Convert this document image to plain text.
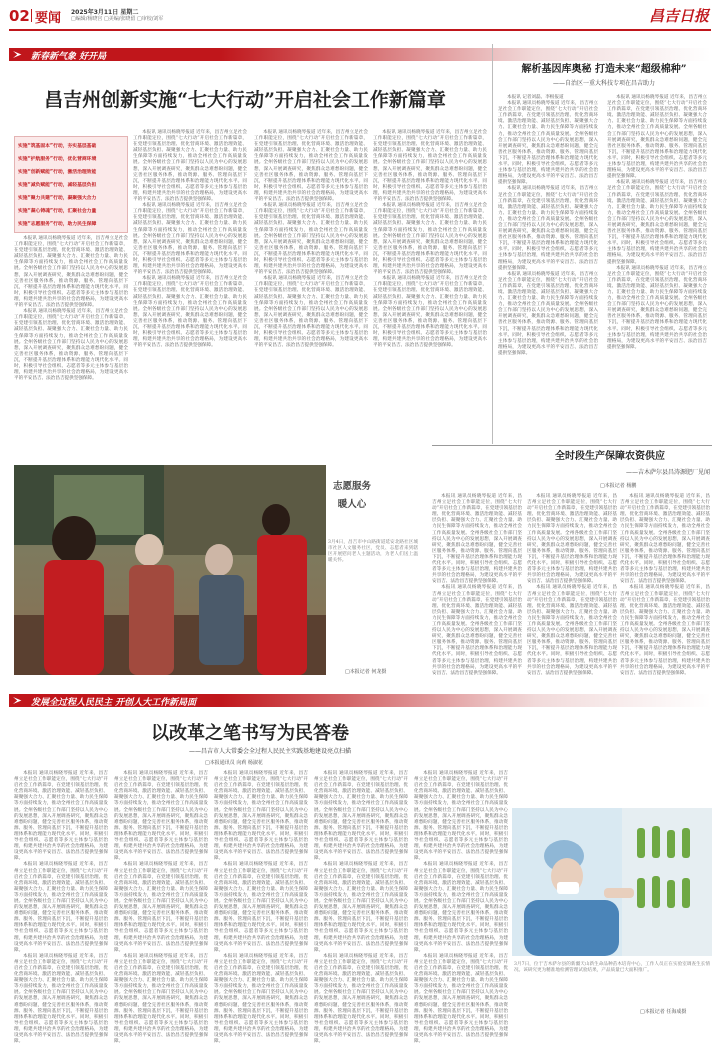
02 要闻 2025年3月11日 星期二
□编辑/杨晓宫 □美编/张晓留 □审校/刘军	昌吉日报
新春新气象 好开局
昌吉州创新实施“七大行动”开启社会工作新篇章
实施“筑基固本”行动，夯实基层基础
实施“护航服务”行动，优化营商环境
实施“创新赋能”行动，激活治理效能
实施“减负赋能”行动，减轻基层负担
实施“聚力共建”行动，凝聚强大合力
实施“凝心铸魂”行动，汇聚社会力量
实施“志愿服务”行动，助力民生保障

本报讯 通讯员杨晓琴报道 近年来，昌吉州立足社会工作职能定位，围绕“七大行动”开启社会工作新篇章，在党建引领基层治理、优化营商环境、激活治理效能、减轻基层负担、凝聚强大合力、汇聚社会力量、助力民生保障等方面持续发力，推动全州社会工作高质量发展。全州各级社会工作部门坚持以人民为中心的发展思想，深入开展调查研究，聚焦群众急难愁盼问题，健全完善社区服务体系，推动资源、服务、管理向基层下沉，不断提升基层治理体系和治理能力现代化水平。同时，积极引导社会组织、志愿者等多元主体参与基层治理，构建共建共治共享的社会治理格局，为建设更高水平的平安昌吉、法治昌吉提供坚强保障。

本报讯 通讯员杨晓琴报道 近年来，昌吉州立足社会工作职能定位，围绕“七大行动”开启社会工作新篇章，在党建引领基层治理、优化营商环境、激活治理效能、减轻基层负担、凝聚强大合力、汇聚社会力量、助力民生保障等方面持续发力，推动全州社会工作高质量发展。全州各级社会工作部门坚持以人民为中心的发展思想，深入开展调查研究，聚焦群众急难愁盼问题，健全完善社区服务体系，推动资源、服务、管理向基层下沉，不断提升基层治理体系和治理能力现代化水平。同时，积极引导社会组织、志愿者等多元主体参与基层治理，构建共建共治共享的社会治理格局，为建设更高水平的平安昌吉、法治昌吉提供坚强保障。

本报讯 通讯员杨晓琴报道 近年来，昌吉州立足社会工作职能定位，围绕“七大行动”开启社会工作新篇章，在党建引领基层治理、优化营商环境、激活治理效能、减轻基层负担、凝聚强大合力、汇聚社会力量、助力民生保障等方面持续发力，推动全州社会工作高质量发展。全州各级社会工作部门坚持以人民为中心的发展思想，深入开展调查研究，聚焦群众急难愁盼问题，健全完善社区服务体系，推动资源、服务、管理向基层下沉，不断提升基层治理体系和治理能力现代化水平。同时，积极引导社会组织、志愿者等多元主体参与基层治理，构建共建共治共享的社会治理格局，为建设更高水平的平安昌吉、法治昌吉提供坚强保障。

本报讯 通讯员杨晓琴报道 近年来，昌吉州立足社会工作职能定位，围绕“七大行动”开启社会工作新篇章，在党建引领基层治理、优化营商环境、激活治理效能、减轻基层负担、凝聚强大合力、汇聚社会力量、助力民生保障等方面持续发力，推动全州社会工作高质量发展。全州各级社会工作部门坚持以人民为中心的发展思想，深入开展调查研究，聚焦群众急难愁盼问题，健全完善社区服务体系，推动资源、服务、管理向基层下沉，不断提升基层治理体系和治理能力现代化水平。同时，积极引导社会组织、志愿者等多元主体参与基层治理，构建共建共治共享的社会治理格局，为建设更高水平的平安昌吉、法治昌吉提供坚强保障。

本报讯 通讯员杨晓琴报道 近年来，昌吉州立足社会工作职能定位，围绕“七大行动”开启社会工作新篇章，在党建引领基层治理、优化营商环境、激活治理效能、减轻基层负担、凝聚强大合力、汇聚社会力量、助力民生保障等方面持续发力，推动全州社会工作高质量发展。全州各级社会工作部门坚持以人民为中心的发展思想，深入开展调查研究，聚焦群众急难愁盼问题，健全完善社区服务体系，推动资源、服务、管理向基层下沉，不断提升基层治理体系和治理能力现代化水平。同时，积极引导社会组织、志愿者等多元主体参与基层治理，构建共建共治共享的社会治理格局，为建设更高水平的平安昌吉、法治昌吉提供坚强保障。

本报讯 通讯员杨晓琴报道 近年来，昌吉州立足社会工作职能定位，围绕“七大行动”开启社会工作新篇章，在党建引领基层治理、优化营商环境、激活治理效能、减轻基层负担、凝聚强大合力、汇聚社会力量、助力民生保障等方面持续发力，推动全州社会工作高质量发展。全州各级社会工作部门坚持以人民为中心的发展思想，深入开展调查研究，聚焦群众急难愁盼问题，健全完善社区服务体系，推动资源、服务、管理向基层下沉，不断提升基层治理体系和治理能力现代化水平。同时，积极引导社会组织、志愿者等多元主体参与基层治理，构建共建共治共享的社会治理格局，为建设更高水平的平安昌吉、法治昌吉提供坚强保障。

本报讯 通讯员杨晓琴报道 近年来，昌吉州立足社会工作职能定位，围绕“七大行动”开启社会工作新篇章，在党建引领基层治理、优化营商环境、激活治理效能、减轻基层负担、凝聚强大合力、汇聚社会力量、助力民生保障等方面持续发力，推动全州社会工作高质量发展。全州各级社会工作部门坚持以人民为中心的发展思想，深入开展调查研究，聚焦群众急难愁盼问题，健全完善社区服务体系，推动资源、服务、管理向基层下沉，不断提升基层治理体系和治理能力现代化水平。同时，积极引导社会组织、志愿者等多元主体参与基层治理，构建共建共治共享的社会治理格局，为建设更高水平的平安昌吉、法治昌吉提供坚强保障。

本报讯 通讯员杨晓琴报道 近年来，昌吉州立足社会工作职能定位，围绕“七大行动”开启社会工作新篇章，在党建引领基层治理、优化营商环境、激活治理效能、减轻基层负担、凝聚强大合力、汇聚社会力量、助力民生保障等方面持续发力，推动全州社会工作高质量发展。全州各级社会工作部门坚持以人民为中心的发展思想，深入开展调查研究，聚焦群众急难愁盼问题，健全完善社区服务体系，推动资源、服务、管理向基层下沉，不断提升基层治理体系和治理能力现代化水平。同时，积极引导社会组织、志愿者等多元主体参与基层治理，构建共建共治共享的社会治理格局，为建设更高水平的平安昌吉、法治昌吉提供坚强保障。

本报讯 通讯员杨晓琴报道 近年来，昌吉州立足社会工作职能定位，围绕“七大行动”开启社会工作新篇章，在党建引领基层治理、优化营商环境、激活治理效能、减轻基层负担、凝聚强大合力、汇聚社会力量、助力民生保障等方面持续发力，推动全州社会工作高质量发展。全州各级社会工作部门坚持以人民为中心的发展思想，深入开展调查研究，聚焦群众急难愁盼问题，健全完善社区服务体系，推动资源、服务、管理向基层下沉，不断提升基层治理体系和治理能力现代化水平。同时，积极引导社会组织、志愿者等多元主体参与基层治理，构建共建共治共享的社会治理格局，为建设更高水平的平安昌吉、法治昌吉提供坚强保障。

本报讯 通讯员杨晓琴报道 近年来，昌吉州立足社会工作职能定位，围绕“七大行动”开启社会工作新篇章，在党建引领基层治理、优化营商环境、激活治理效能、减轻基层负担、凝聚强大合力、汇聚社会力量、助力民生保障等方面持续发力，推动全州社会工作高质量发展。全州各级社会工作部门坚持以人民为中心的发展思想，深入开展调查研究，聚焦群众急难愁盼问题，健全完善社区服务体系，推动资源、服务、管理向基层下沉，不断提升基层治理体系和治理能力现代化水平。同时，积极引导社会组织、志愿者等多元主体参与基层治理，构建共建共治共享的社会治理格局，为建设更高水平的平安昌吉、法治昌吉提供坚强保障。

本报讯 通讯员杨晓琴报道 近年来，昌吉州立足社会工作职能定位，围绕“七大行动”开启社会工作新篇章，在党建引领基层治理、优化营商环境、激活治理效能、减轻基层负担、凝聚强大合力、汇聚社会力量、助力民生保障等方面持续发力，推动全州社会工作高质量发展。全州各级社会工作部门坚持以人民为中心的发展思想，深入开展调查研究，聚焦群众急难愁盼问题，健全完善社区服务体系，推动资源、服务、管理向基层下沉，不断提升基层治理体系和治理能力现代化水平。同时，积极引导社会组织、志愿者等多元主体参与基层治理，构建共建共治共享的社会治理格局，为建设更高水平的平安昌吉、法治昌吉提供坚强保障。

志愿服务 暖人心
3月4日，昌吉市中山路街道延安北路社区城市社区人文服务社区，党员、志愿者来到辖区开展慰问老人主题活动，为老人们送上温暖关怀。
□本报记者 何龙摄
解析基因库奥秘 打造未来“超级棉种”
——自治区一重大科技专项在昌吉助力

本报讯 记者刘磊、李根报道

本报讯 通讯员杨晓琴报道 近年来，昌吉州立足社会工作职能定位，围绕“七大行动”开启社会工作新篇章，在党建引领基层治理、优化营商环境、激活治理效能、减轻基层负担、凝聚强大合力、汇聚社会力量、助力民生保障等方面持续发力，推动全州社会工作高质量发展。全州各级社会工作部门坚持以人民为中心的发展思想，深入开展调查研究，聚焦群众急难愁盼问题，健全完善社区服务体系，推动资源、服务、管理向基层下沉，不断提升基层治理体系和治理能力现代化水平。同时，积极引导社会组织、志愿者等多元主体参与基层治理，构建共建共治共享的社会治理格局，为建设更高水平的平安昌吉、法治昌吉提供坚强保障。

本报讯 通讯员杨晓琴报道 近年来，昌吉州立足社会工作职能定位，围绕“七大行动”开启社会工作新篇章，在党建引领基层治理、优化营商环境、激活治理效能、减轻基层负担、凝聚强大合力、汇聚社会力量、助力民生保障等方面持续发力，推动全州社会工作高质量发展。全州各级社会工作部门坚持以人民为中心的发展思想，深入开展调查研究，聚焦群众急难愁盼问题，健全完善社区服务体系，推动资源、服务、管理向基层下沉，不断提升基层治理体系和治理能力现代化水平。同时，积极引导社会组织、志愿者等多元主体参与基层治理，构建共建共治共享的社会治理格局，为建设更高水平的平安昌吉、法治昌吉提供坚强保障。

本报讯 通讯员杨晓琴报道 近年来，昌吉州立足社会工作职能定位，围绕“七大行动”开启社会工作新篇章，在党建引领基层治理、优化营商环境、激活治理效能、减轻基层负担、凝聚强大合力、汇聚社会力量、助力民生保障等方面持续发力，推动全州社会工作高质量发展。全州各级社会工作部门坚持以人民为中心的发展思想，深入开展调查研究，聚焦群众急难愁盼问题，健全完善社区服务体系，推动资源、服务、管理向基层下沉，不断提升基层治理体系和治理能力现代化水平。同时，积极引导社会组织、志愿者等多元主体参与基层治理，构建共建共治共享的社会治理格局，为建设更高水平的平安昌吉、法治昌吉提供坚强保障。

本报讯 通讯员杨晓琴报道 近年来，昌吉州立足社会工作职能定位，围绕“七大行动”开启社会工作新篇章，在党建引领基层治理、优化营商环境、激活治理效能、减轻基层负担、凝聚强大合力、汇聚社会力量、助力民生保障等方面持续发力，推动全州社会工作高质量发展。全州各级社会工作部门坚持以人民为中心的发展思想，深入开展调查研究，聚焦群众急难愁盼问题，健全完善社区服务体系，推动资源、服务、管理向基层下沉，不断提升基层治理体系和治理能力现代化水平。同时，积极引导社会组织、志愿者等多元主体参与基层治理，构建共建共治共享的社会治理格局，为建设更高水平的平安昌吉、法治昌吉提供坚强保障。

本报讯 通讯员杨晓琴报道 近年来，昌吉州立足社会工作职能定位，围绕“七大行动”开启社会工作新篇章，在党建引领基层治理、优化营商环境、激活治理效能、减轻基层负担、凝聚强大合力、汇聚社会力量、助力民生保障等方面持续发力，推动全州社会工作高质量发展。全州各级社会工作部门坚持以人民为中心的发展思想，深入开展调查研究，聚焦群众急难愁盼问题，健全完善社区服务体系，推动资源、服务、管理向基层下沉，不断提升基层治理体系和治理能力现代化水平。同时，积极引导社会组织、志愿者等多元主体参与基层治理，构建共建共治共享的社会治理格局，为建设更高水平的平安昌吉、法治昌吉提供坚强保障。

本报讯 通讯员杨晓琴报道 近年来，昌吉州立足社会工作职能定位，围绕“七大行动”开启社会工作新篇章，在党建引领基层治理、优化营商环境、激活治理效能、减轻基层负担、凝聚强大合力、汇聚社会力量、助力民生保障等方面持续发力，推动全州社会工作高质量发展。全州各级社会工作部门坚持以人民为中心的发展思想，深入开展调查研究，聚焦群众急难愁盼问题，健全完善社区服务体系，推动资源、服务、管理向基层下沉，不断提升基层治理体系和治理能力现代化水平。同时，积极引导社会组织、志愿者等多元主体参与基层治理，构建共建共治共享的社会治理格局，为建设更高水平的平安昌吉、法治昌吉提供坚强保障。

全时段生产保障农资供应
——吉木萨尔县昌涛源肥厂见闻
□本报记者 杨鹏

本报讯 通讯员杨晓琴报道 近年来，昌吉州立足社会工作职能定位，围绕“七大行动”开启社会工作新篇章，在党建引领基层治理、优化营商环境、激活治理效能、减轻基层负担、凝聚强大合力、汇聚社会力量、助力民生保障等方面持续发力，推动全州社会工作高质量发展。全州各级社会工作部门坚持以人民为中心的发展思想，深入开展调查研究，聚焦群众急难愁盼问题，健全完善社区服务体系，推动资源、服务、管理向基层下沉，不断提升基层治理体系和治理能力现代化水平。同时，积极引导社会组织、志愿者等多元主体参与基层治理，构建共建共治共享的社会治理格局，为建设更高水平的平安昌吉、法治昌吉提供坚强保障。

本报讯 通讯员杨晓琴报道 近年来，昌吉州立足社会工作职能定位，围绕“七大行动”开启社会工作新篇章，在党建引领基层治理、优化营商环境、激活治理效能、减轻基层负担、凝聚强大合力、汇聚社会力量、助力民生保障等方面持续发力，推动全州社会工作高质量发展。全州各级社会工作部门坚持以人民为中心的发展思想，深入开展调查研究，聚焦群众急难愁盼问题，健全完善社区服务体系，推动资源、服务、管理向基层下沉，不断提升基层治理体系和治理能力现代化水平。同时，积极引导社会组织、志愿者等多元主体参与基层治理，构建共建共治共享的社会治理格局，为建设更高水平的平安昌吉、法治昌吉提供坚强保障。

本报讯 通讯员杨晓琴报道 近年来，昌吉州立足社会工作职能定位，围绕“七大行动”开启社会工作新篇章，在党建引领基层治理、优化营商环境、激活治理效能、减轻基层负担、凝聚强大合力、汇聚社会力量、助力民生保障等方面持续发力，推动全州社会工作高质量发展。全州各级社会工作部门坚持以人民为中心的发展思想，深入开展调查研究，聚焦群众急难愁盼问题，健全完善社区服务体系，推动资源、服务、管理向基层下沉，不断提升基层治理体系和治理能力现代化水平。同时，积极引导社会组织、志愿者等多元主体参与基层治理，构建共建共治共享的社会治理格局，为建设更高水平的平安昌吉、法治昌吉提供坚强保障。

本报讯 通讯员杨晓琴报道 近年来，昌吉州立足社会工作职能定位，围绕“七大行动”开启社会工作新篇章，在党建引领基层治理、优化营商环境、激活治理效能、减轻基层负担、凝聚强大合力、汇聚社会力量、助力民生保障等方面持续发力，推动全州社会工作高质量发展。全州各级社会工作部门坚持以人民为中心的发展思想，深入开展调查研究，聚焦群众急难愁盼问题，健全完善社区服务体系，推动资源、服务、管理向基层下沉，不断提升基层治理体系和治理能力现代化水平。同时，积极引导社会组织、志愿者等多元主体参与基层治理，构建共建共治共享的社会治理格局，为建设更高水平的平安昌吉、法治昌吉提供坚强保障。

本报讯 通讯员杨晓琴报道 近年来，昌吉州立足社会工作职能定位，围绕“七大行动”开启社会工作新篇章，在党建引领基层治理、优化营商环境、激活治理效能、减轻基层负担、凝聚强大合力、汇聚社会力量、助力民生保障等方面持续发力，推动全州社会工作高质量发展。全州各级社会工作部门坚持以人民为中心的发展思想，深入开展调查研究，聚焦群众急难愁盼问题，健全完善社区服务体系，推动资源、服务、管理向基层下沉，不断提升基层治理体系和治理能力现代化水平。同时，积极引导社会组织、志愿者等多元主体参与基层治理，构建共建共治共享的社会治理格局，为建设更高水平的平安昌吉、法治昌吉提供坚强保障。

本报讯 通讯员杨晓琴报道 近年来，昌吉州立足社会工作职能定位，围绕“七大行动”开启社会工作新篇章，在党建引领基层治理、优化营商环境、激活治理效能、减轻基层负担、凝聚强大合力、汇聚社会力量、助力民生保障等方面持续发力，推动全州社会工作高质量发展。全州各级社会工作部门坚持以人民为中心的发展思想，深入开展调查研究，聚焦群众急难愁盼问题，健全完善社区服务体系，推动资源、服务、管理向基层下沉，不断提升基层治理体系和治理能力现代化水平。同时，积极引导社会组织、志愿者等多元主体参与基层治理，构建共建共治共享的社会治理格局，为建设更高水平的平安昌吉、法治昌吉提供坚强保障。

发展全过程人民民主 开创人大工作新局面
以改革之笔书写为民答卷
——昌吉市人大常委会全过程人民民主实践基地建设亮点扫描
□本报通讯员 向莉 杨淑花

本报讯 通讯员杨晓琴报道 近年来，昌吉州立足社会工作职能定位，围绕“七大行动”开启社会工作新篇章，在党建引领基层治理、优化营商环境、激活治理效能、减轻基层负担、凝聚强大合力、汇聚社会力量、助力民生保障等方面持续发力，推动全州社会工作高质量发展。全州各级社会工作部门坚持以人民为中心的发展思想，深入开展调查研究，聚焦群众急难愁盼问题，健全完善社区服务体系，推动资源、服务、管理向基层下沉，不断提升基层治理体系和治理能力现代化水平。同时，积极引导社会组织、志愿者等多元主体参与基层治理，构建共建共治共享的社会治理格局，为建设更高水平的平安昌吉、法治昌吉提供坚强保障。

本报讯 通讯员杨晓琴报道 近年来，昌吉州立足社会工作职能定位，围绕“七大行动”开启社会工作新篇章，在党建引领基层治理、优化营商环境、激活治理效能、减轻基层负担、凝聚强大合力、汇聚社会力量、助力民生保障等方面持续发力，推动全州社会工作高质量发展。全州各级社会工作部门坚持以人民为中心的发展思想，深入开展调查研究，聚焦群众急难愁盼问题，健全完善社区服务体系，推动资源、服务、管理向基层下沉，不断提升基层治理体系和治理能力现代化水平。同时，积极引导社会组织、志愿者等多元主体参与基层治理，构建共建共治共享的社会治理格局，为建设更高水平的平安昌吉、法治昌吉提供坚强保障。

本报讯 通讯员杨晓琴报道 近年来，昌吉州立足社会工作职能定位，围绕“七大行动”开启社会工作新篇章，在党建引领基层治理、优化营商环境、激活治理效能、减轻基层负担、凝聚强大合力、汇聚社会力量、助力民生保障等方面持续发力，推动全州社会工作高质量发展。全州各级社会工作部门坚持以人民为中心的发展思想，深入开展调查研究，聚焦群众急难愁盼问题，健全完善社区服务体系，推动资源、服务、管理向基层下沉，不断提升基层治理体系和治理能力现代化水平。同时，积极引导社会组织、志愿者等多元主体参与基层治理，构建共建共治共享的社会治理格局，为建设更高水平的平安昌吉、法治昌吉提供坚强保障。

本报讯 通讯员杨晓琴报道 近年来，昌吉州立足社会工作职能定位，围绕“七大行动”开启社会工作新篇章，在党建引领基层治理、优化营商环境、激活治理效能、减轻基层负担、凝聚强大合力、汇聚社会力量、助力民生保障等方面持续发力，推动全州社会工作高质量发展。全州各级社会工作部门坚持以人民为中心的发展思想，深入开展调查研究，聚焦群众急难愁盼问题，健全完善社区服务体系，推动资源、服务、管理向基层下沉，不断提升基层治理体系和治理能力现代化水平。同时，积极引导社会组织、志愿者等多元主体参与基层治理，构建共建共治共享的社会治理格局，为建设更高水平的平安昌吉、法治昌吉提供坚强保障。

本报讯 通讯员杨晓琴报道 近年来，昌吉州立足社会工作职能定位，围绕“七大行动”开启社会工作新篇章，在党建引领基层治理、优化营商环境、激活治理效能、减轻基层负担、凝聚强大合力、汇聚社会力量、助力民生保障等方面持续发力，推动全州社会工作高质量发展。全州各级社会工作部门坚持以人民为中心的发展思想，深入开展调查研究，聚焦群众急难愁盼问题，健全完善社区服务体系，推动资源、服务、管理向基层下沉，不断提升基层治理体系和治理能力现代化水平。同时，积极引导社会组织、志愿者等多元主体参与基层治理，构建共建共治共享的社会治理格局，为建设更高水平的平安昌吉、法治昌吉提供坚强保障。

本报讯 通讯员杨晓琴报道 近年来，昌吉州立足社会工作职能定位，围绕“七大行动”开启社会工作新篇章，在党建引领基层治理、优化营商环境、激活治理效能、减轻基层负担、凝聚强大合力、汇聚社会力量、助力民生保障等方面持续发力，推动全州社会工作高质量发展。全州各级社会工作部门坚持以人民为中心的发展思想，深入开展调查研究，聚焦群众急难愁盼问题，健全完善社区服务体系，推动资源、服务、管理向基层下沉，不断提升基层治理体系和治理能力现代化水平。同时，积极引导社会组织、志愿者等多元主体参与基层治理，构建共建共治共享的社会治理格局，为建设更高水平的平安昌吉、法治昌吉提供坚强保障。

本报讯 通讯员杨晓琴报道 近年来，昌吉州立足社会工作职能定位，围绕“七大行动”开启社会工作新篇章，在党建引领基层治理、优化营商环境、激活治理效能、减轻基层负担、凝聚强大合力、汇聚社会力量、助力民生保障等方面持续发力，推动全州社会工作高质量发展。全州各级社会工作部门坚持以人民为中心的发展思想，深入开展调查研究，聚焦群众急难愁盼问题，健全完善社区服务体系，推动资源、服务、管理向基层下沉，不断提升基层治理体系和治理能力现代化水平。同时，积极引导社会组织、志愿者等多元主体参与基层治理，构建共建共治共享的社会治理格局，为建设更高水平的平安昌吉、法治昌吉提供坚强保障。

本报讯 通讯员杨晓琴报道 近年来，昌吉州立足社会工作职能定位，围绕“七大行动”开启社会工作新篇章，在党建引领基层治理、优化营商环境、激活治理效能、减轻基层负担、凝聚强大合力、汇聚社会力量、助力民生保障等方面持续发力，推动全州社会工作高质量发展。全州各级社会工作部门坚持以人民为中心的发展思想，深入开展调查研究，聚焦群众急难愁盼问题，健全完善社区服务体系，推动资源、服务、管理向基层下沉，不断提升基层治理体系和治理能力现代化水平。同时，积极引导社会组织、志愿者等多元主体参与基层治理，构建共建共治共享的社会治理格局，为建设更高水平的平安昌吉、法治昌吉提供坚强保障。

本报讯 通讯员杨晓琴报道 近年来，昌吉州立足社会工作职能定位，围绕“七大行动”开启社会工作新篇章，在党建引领基层治理、优化营商环境、激活治理效能、减轻基层负担、凝聚强大合力、汇聚社会力量、助力民生保障等方面持续发力，推动全州社会工作高质量发展。全州各级社会工作部门坚持以人民为中心的发展思想，深入开展调查研究，聚焦群众急难愁盼问题，健全完善社区服务体系，推动资源、服务、管理向基层下沉，不断提升基层治理体系和治理能力现代化水平。同时，积极引导社会组织、志愿者等多元主体参与基层治理，构建共建共治共享的社会治理格局，为建设更高水平的平安昌吉、法治昌吉提供坚强保障。

本报讯 通讯员杨晓琴报道 近年来，昌吉州立足社会工作职能定位，围绕“七大行动”开启社会工作新篇章，在党建引领基层治理、优化营商环境、激活治理效能、减轻基层负担、凝聚强大合力、汇聚社会力量、助力民生保障等方面持续发力，推动全州社会工作高质量发展。全州各级社会工作部门坚持以人民为中心的发展思想，深入开展调查研究，聚焦群众急难愁盼问题，健全完善社区服务体系，推动资源、服务、管理向基层下沉，不断提升基层治理体系和治理能力现代化水平。同时，积极引导社会组织、志愿者等多元主体参与基层治理，构建共建共治共享的社会治理格局，为建设更高水平的平安昌吉、法治昌吉提供坚强保障。

本报讯 通讯员杨晓琴报道 近年来，昌吉州立足社会工作职能定位，围绕“七大行动”开启社会工作新篇章，在党建引领基层治理、优化营商环境、激活治理效能、减轻基层负担、凝聚强大合力、汇聚社会力量、助力民生保障等方面持续发力，推动全州社会工作高质量发展。全州各级社会工作部门坚持以人民为中心的发展思想，深入开展调查研究，聚焦群众急难愁盼问题，健全完善社区服务体系，推动资源、服务、管理向基层下沉，不断提升基层治理体系和治理能力现代化水平。同时，积极引导社会组织、志愿者等多元主体参与基层治理，构建共建共治共享的社会治理格局，为建设更高水平的平安昌吉、法治昌吉提供坚强保障。

本报讯 通讯员杨晓琴报道 近年来，昌吉州立足社会工作职能定位，围绕“七大行动”开启社会工作新篇章，在党建引领基层治理、优化营商环境、激活治理效能、减轻基层负担、凝聚强大合力、汇聚社会力量、助力民生保障等方面持续发力，推动全州社会工作高质量发展。全州各级社会工作部门坚持以人民为中心的发展思想，深入开展调查研究，聚焦群众急难愁盼问题，健全完善社区服务体系，推动资源、服务、管理向基层下沉，不断提升基层治理体系和治理能力现代化水平。同时，积极引导社会组织、志愿者等多元主体参与基层治理，构建共建共治共享的社会治理格局，为建设更高水平的平安昌吉、法治昌吉提供坚强保障。

本报讯 通讯员杨晓琴报道 近年来，昌吉州立足社会工作职能定位，围绕“七大行动”开启社会工作新篇章，在党建引领基层治理、优化营商环境、激活治理效能、减轻基层负担、凝聚强大合力、汇聚社会力量、助力民生保障等方面持续发力，推动全州社会工作高质量发展。全州各级社会工作部门坚持以人民为中心的发展思想，深入开展调查研究，聚焦群众急难愁盼问题，健全完善社区服务体系，推动资源、服务、管理向基层下沉，不断提升基层治理体系和治理能力现代化水平。同时，积极引导社会组织、志愿者等多元主体参与基层治理，构建共建共治共享的社会治理格局，为建设更高水平的平安昌吉、法治昌吉提供坚强保障。

本报讯 通讯员杨晓琴报道 近年来，昌吉州立足社会工作职能定位，围绕“七大行动”开启社会工作新篇章，在党建引领基层治理、优化营商环境、激活治理效能、减轻基层负担、凝聚强大合力、汇聚社会力量、助力民生保障等方面持续发力，推动全州社会工作高质量发展。全州各级社会工作部门坚持以人民为中心的发展思想，深入开展调查研究，聚焦群众急难愁盼问题，健全完善社区服务体系，推动资源、服务、管理向基层下沉，不断提升基层治理体系和治理能力现代化水平。同时，积极引导社会组织、志愿者等多元主体参与基层治理，构建共建共治共享的社会治理格局，为建设更高水平的平安昌吉、法治昌吉提供坚强保障。

本报讯 通讯员杨晓琴报道 近年来，昌吉州立足社会工作职能定位，围绕“七大行动”开启社会工作新篇章，在党建引领基层治理、优化营商环境、激活治理效能、减轻基层负担、凝聚强大合力、汇聚社会力量、助力民生保障等方面持续发力，推动全州社会工作高质量发展。全州各级社会工作部门坚持以人民为中心的发展思想，深入开展调查研究，聚焦群众急难愁盼问题，健全完善社区服务体系，推动资源、服务、管理向基层下沉，不断提升基层治理体系和治理能力现代化水平。同时，积极引导社会组织、志愿者等多元主体参与基层治理，构建共建共治共享的社会治理格局，为建设更高水平的平安昌吉、法治昌吉提供坚强保障。

3月7日，位于吉木萨尔县的新疆天山新生命品种苗木培育中心，工作人员正在实验室调查生长情况。该研究更为精准地检测管理试验结果，产品质量已大面积推广。
□本报记者 任海成摄
